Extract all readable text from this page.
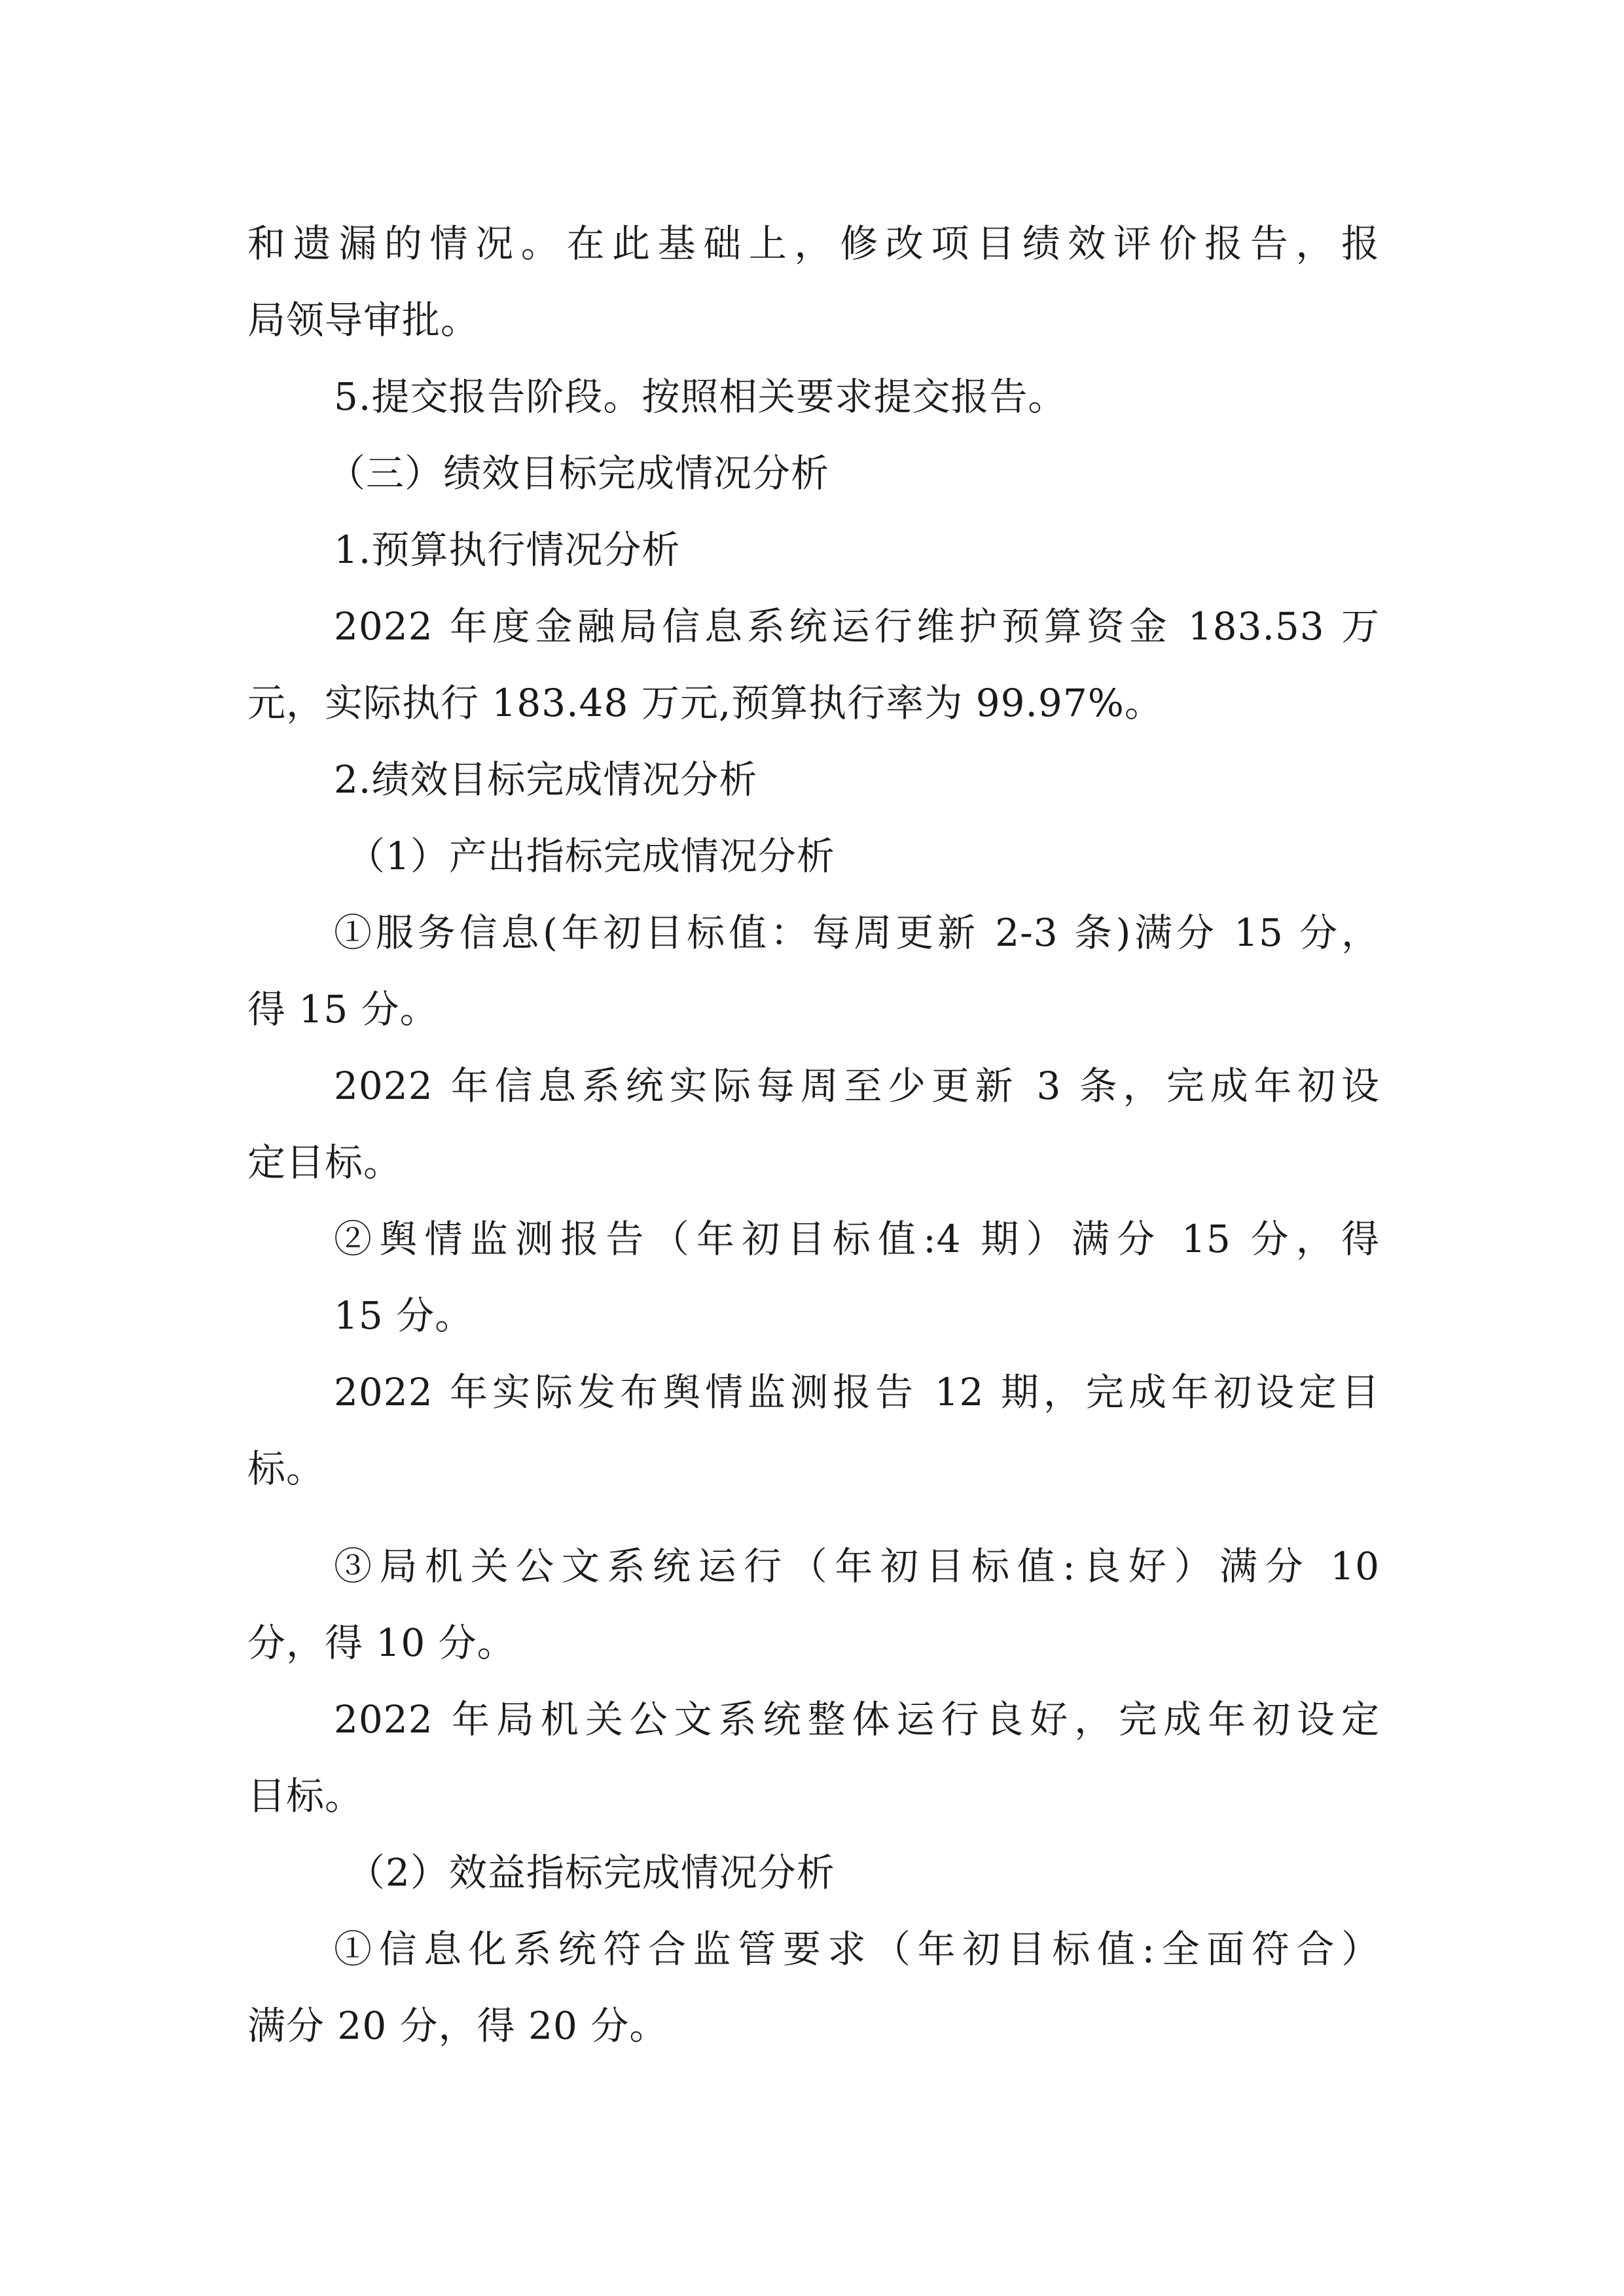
和遗漏的情况。在此基础上，修改项目绩效评价报告，报
局领导审批。
5.提交报告阶段。按照相关要求提交报告。
（三）绩效目标完成情况分析
1.预算执行情况分析
2022 年度金融局信息系统运行维护预算资金 183.53 万
元，实际执行 183.48 万元,预算执行率为 99.97%。
2.绩效目标完成情况分析
（1）产出指标完成情况分析
①服务信息(年初目标值：每周更新 2-3 条)满分 15 分，
得 15 分。
2022 年信息系统实际每周至少更新 3 条，完成年初设
定目标。
②舆情监测报告（年初目标值:4 期）满分 15 分，得
15 分。
2022 年实际发布舆情监测报告 12 期，完成年初设定目
标。
③局机关公文系统运行（年初目标值:良好）满分 10
分，得 10 分。
2022 年局机关公文系统整体运行良好，完成年初设定
目标。
（2）效益指标完成情况分析
①信息化系统符合监管要求（年初目标值:全面符合）
满分 20 分，得 20 分。
